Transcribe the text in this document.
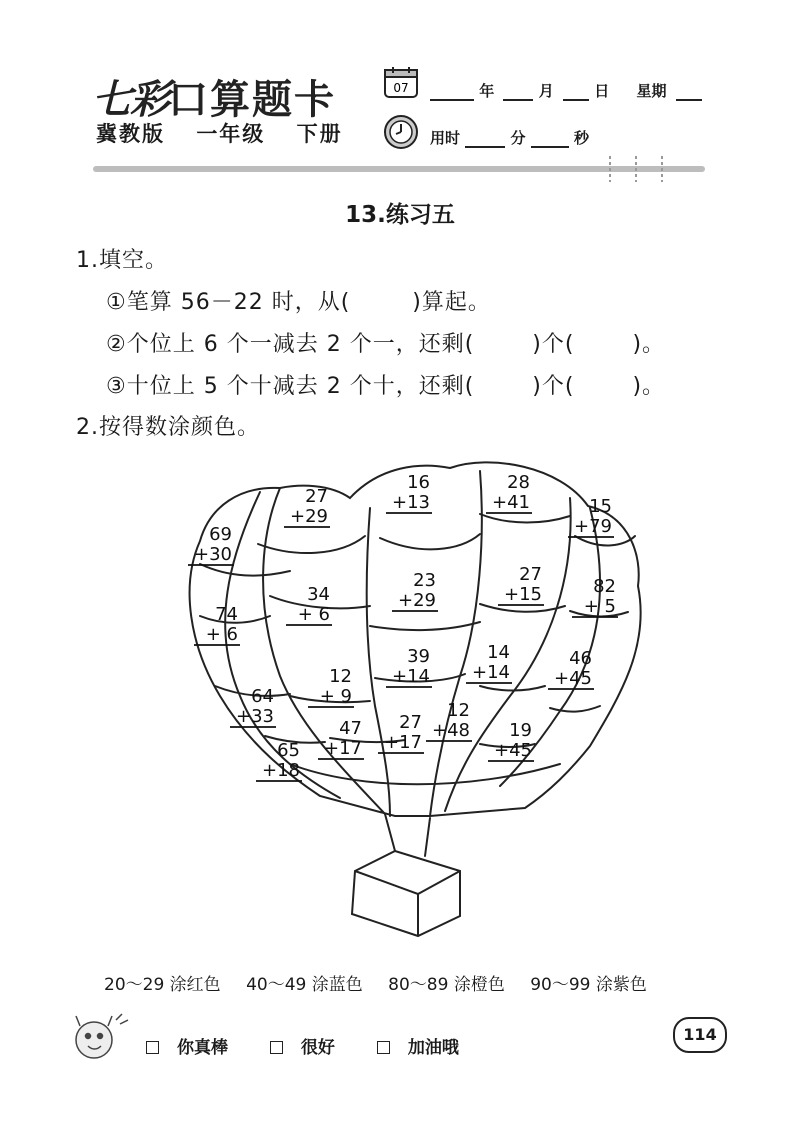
七彩口算题卡
冀教版 一年级 下册
07	年	月	日 星期
用时	分	秒
13.练习五
1.填空。
①笔算 56－22 时，从(	)算起。
②个位上 6 个一减去 2 个一，还剩(	)个(	)。
③十位上 5 个十减去 2 个十，还剩(	)个(	)。
2.按得数涂颜色。
27
+29
16
+13
28
+41	15
+79
69
+30
34
+ 6
23
+29
27
+15	82
+ 5
74
+ 6
12
+ 9
39
+14
14
+14
46
+45
64
+33
47
+17
27
+17
12
+48 19
+45
65
+18
20～29 涂红色 40～49 涂蓝色 80～89 涂橙色 90～99 涂紫色
你真棒	很好	加油哦
114
